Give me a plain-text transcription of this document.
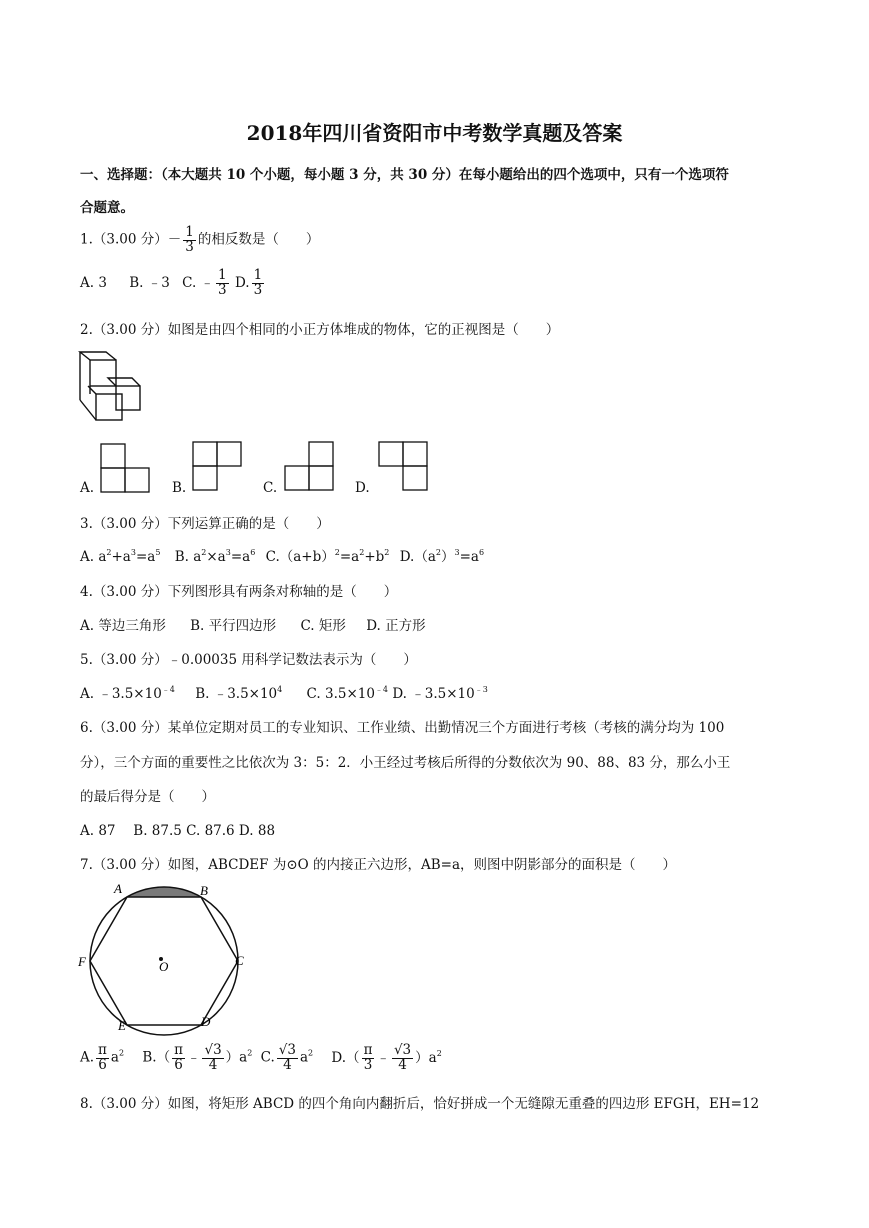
2018年四川省资阳市中考数学真题及答案
一、选择题：（本大题共 10 个小题，每小题 3 分，共 30 分）在每小题给出的四个选项中，只有一个选项符
合题意。
1.（3.00 分）－ $\frac{1}{3}$ 的相反数是（　　）
A. 3 B. ﹣3 C. ﹣ $\frac{1}{3} D$. $\frac{1}{3}$
2.（3.00 分）如图是由四个相同的小正方体堆成的物体，它的正视图是（　　）
A.	B.	C.	D.
3.（3.00 分）下列运算正确的是（　　）
A. $a^2+a^3=a^5$ B. $a^2\times a^3=a^6$ $C.(a+b)^2=a^2+b^2$ $D.(a^2)^3=a^6$
4.（3.00 分）下列图形具有两条对称轴的是（　　）
A. 等边三角形 B. 平行四边形 C. 矩形 D. 正方形
5.（3.00 分）﹣0.00035 用科学记数法表示为（　　）
A. $﹣3.5\times 10^{﹣4}$ B. $﹣3.5\times 10^4$ C. $3.5\times 10^{﹣4}$ D. $﹣3.5\times 10^{﹣3}$
6.（3.00 分）某单位定期对员工的专业知识、工作业绩、出勤情况三个方面进行考核（考核的满分均为 100
分），三个方面的重要性之比依次为 3：5：2．小王经过考核后所得的分数依次为 90、88、83 分，那么小王
的最后得分是（　　）
A. 87　 B. 87.5 C. 87.6 D. 88
7.（3.00 分）如图，ABCDEF 为⊙O 的内接正六边形，AB=a，则图中阴影部分的面积是（　　）
A	B
C
D
E
F	O
A. $\frac{\pi}{6} a^2$ $B.( \frac{\pi}{6}$ ﹣ $\frac{√3}{4} )a^2$ C. $\frac{√3}{4} a^2$ $D.( \frac{\pi}{3}$ ﹣ $\frac{√3}{4} )a^2$
8.（3.00 分）如图，将矩形 ABCD 的四个角向内翻折后，恰好拼成一个无缝隙无重叠的四边形 EFGH，EH=12
